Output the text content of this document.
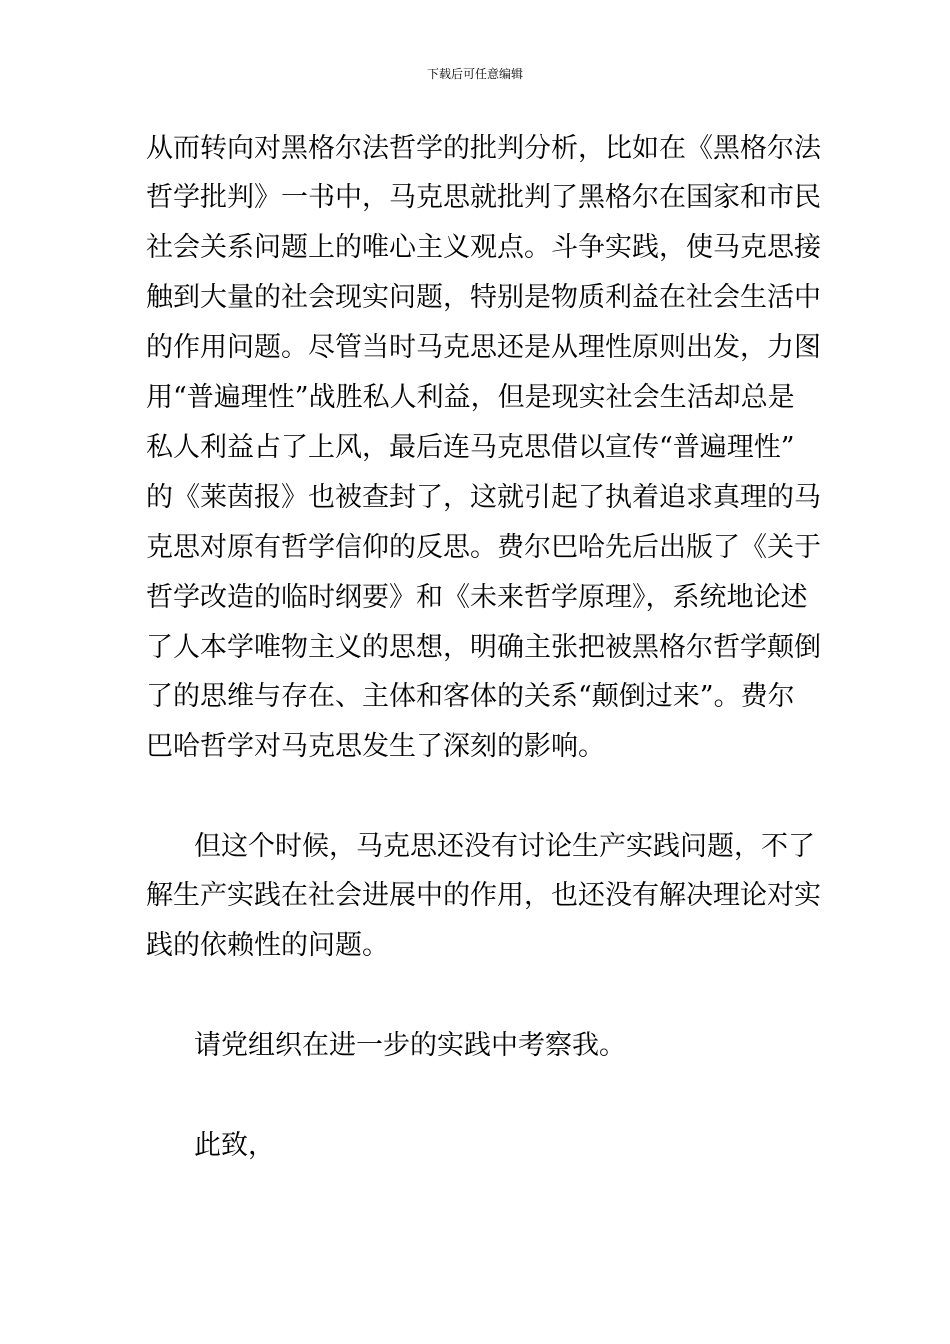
下载后可任意编辑
从而转向对黑格尔法哲学的批判分析，比如在《黑格尔法
哲学批判》一书中，马克思就批判了黑格尔在国家和市民
社会关系问题上的唯心主义观点。斗争实践，使马克思接
触到大量的社会现实问题，特别是物质利益在社会生活中
的作用问题。尽管当时马克思还是从理性原则出发，力图
用“普遍理性”战胜私人利益，但是现实社会生活却总是
私人利益占了上风，最后连马克思借以宣传“普遍理性”
的《莱茵报》也被查封了，这就引起了执着追求真理的马
克思对原有哲学信仰的反思。费尔巴哈先后出版了《关于
哲学改造的临时纲要》和《未来哲学原理》，系统地论述
了人本学唯物主义的思想，明确主张把被黑格尔哲学颠倒
了的思维与存在、主体和客体的关系“颠倒过来”。费尔
巴哈哲学对马克思发生了深刻的影响。
但这个时候，马克思还没有讨论生产实践问题，不了
解生产实践在社会进展中的作用，也还没有解决理论对实
践的依赖性的问题。
请党组织在进一步的实践中考察我。
此致，
